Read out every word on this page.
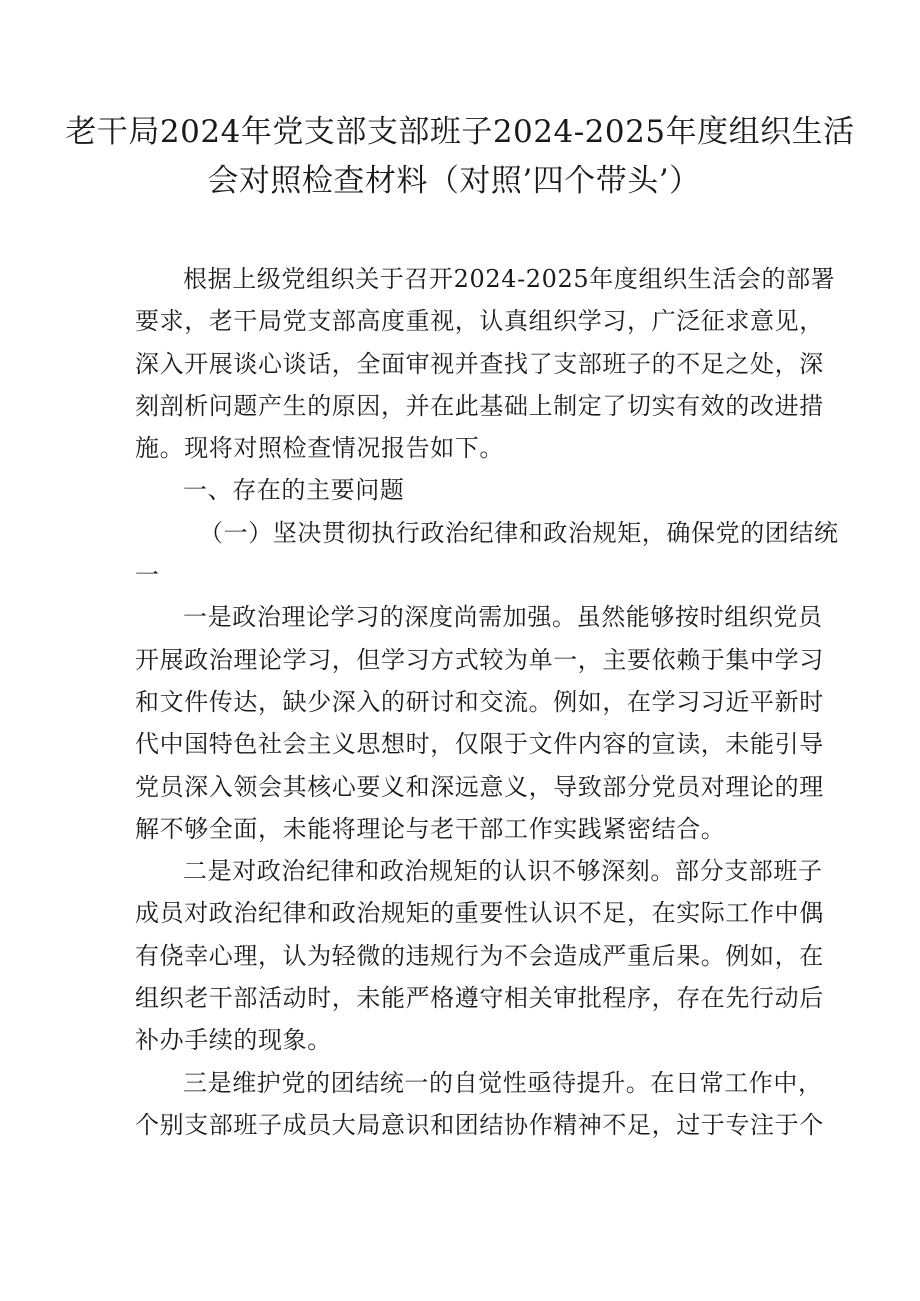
老干局2024年党支部支部班子2024-2025年度组织生活
会对照检查材料（对照’四个带头’）
根据上级党组织关于召开2024-2025年度组织生活会的部署
要求，老干局党支部高度重视，认真组织学习，广泛征求意见，
深入开展谈心谈话，全面审视并查找了支部班子的不足之处，深
刻剖析问题产生的原因，并在此基础上制定了切实有效的改进措
施。现将对照检查情况报告如下。
一、存在的主要问题
（一）坚决贯彻执行政治纪律和政治规矩，确保党的团结统
一
一是政治理论学习的深度尚需加强。虽然能够按时组织党员
开展政治理论学习，但学习方式较为单一，主要依赖于集中学习
和文件传达，缺少深入的研讨和交流。例如，在学习习近平新时
代中国特色社会主义思想时，仅限于文件内容的宣读，未能引导
党员深入领会其核心要义和深远意义，导致部分党员对理论的理
解不够全面，未能将理论与老干部工作实践紧密结合。
二是对政治纪律和政治规矩的认识不够深刻。部分支部班子
成员对政治纪律和政治规矩的重要性认识不足，在实际工作中偶
有侥幸心理，认为轻微的违规行为不会造成严重后果。例如，在
组织老干部活动时，未能严格遵守相关审批程序，存在先行动后
补办手续的现象。
三是维护党的团结统一的自觉性亟待提升。在日常工作中，
个别支部班子成员大局意识和团结协作精神不足，过于专注于个
